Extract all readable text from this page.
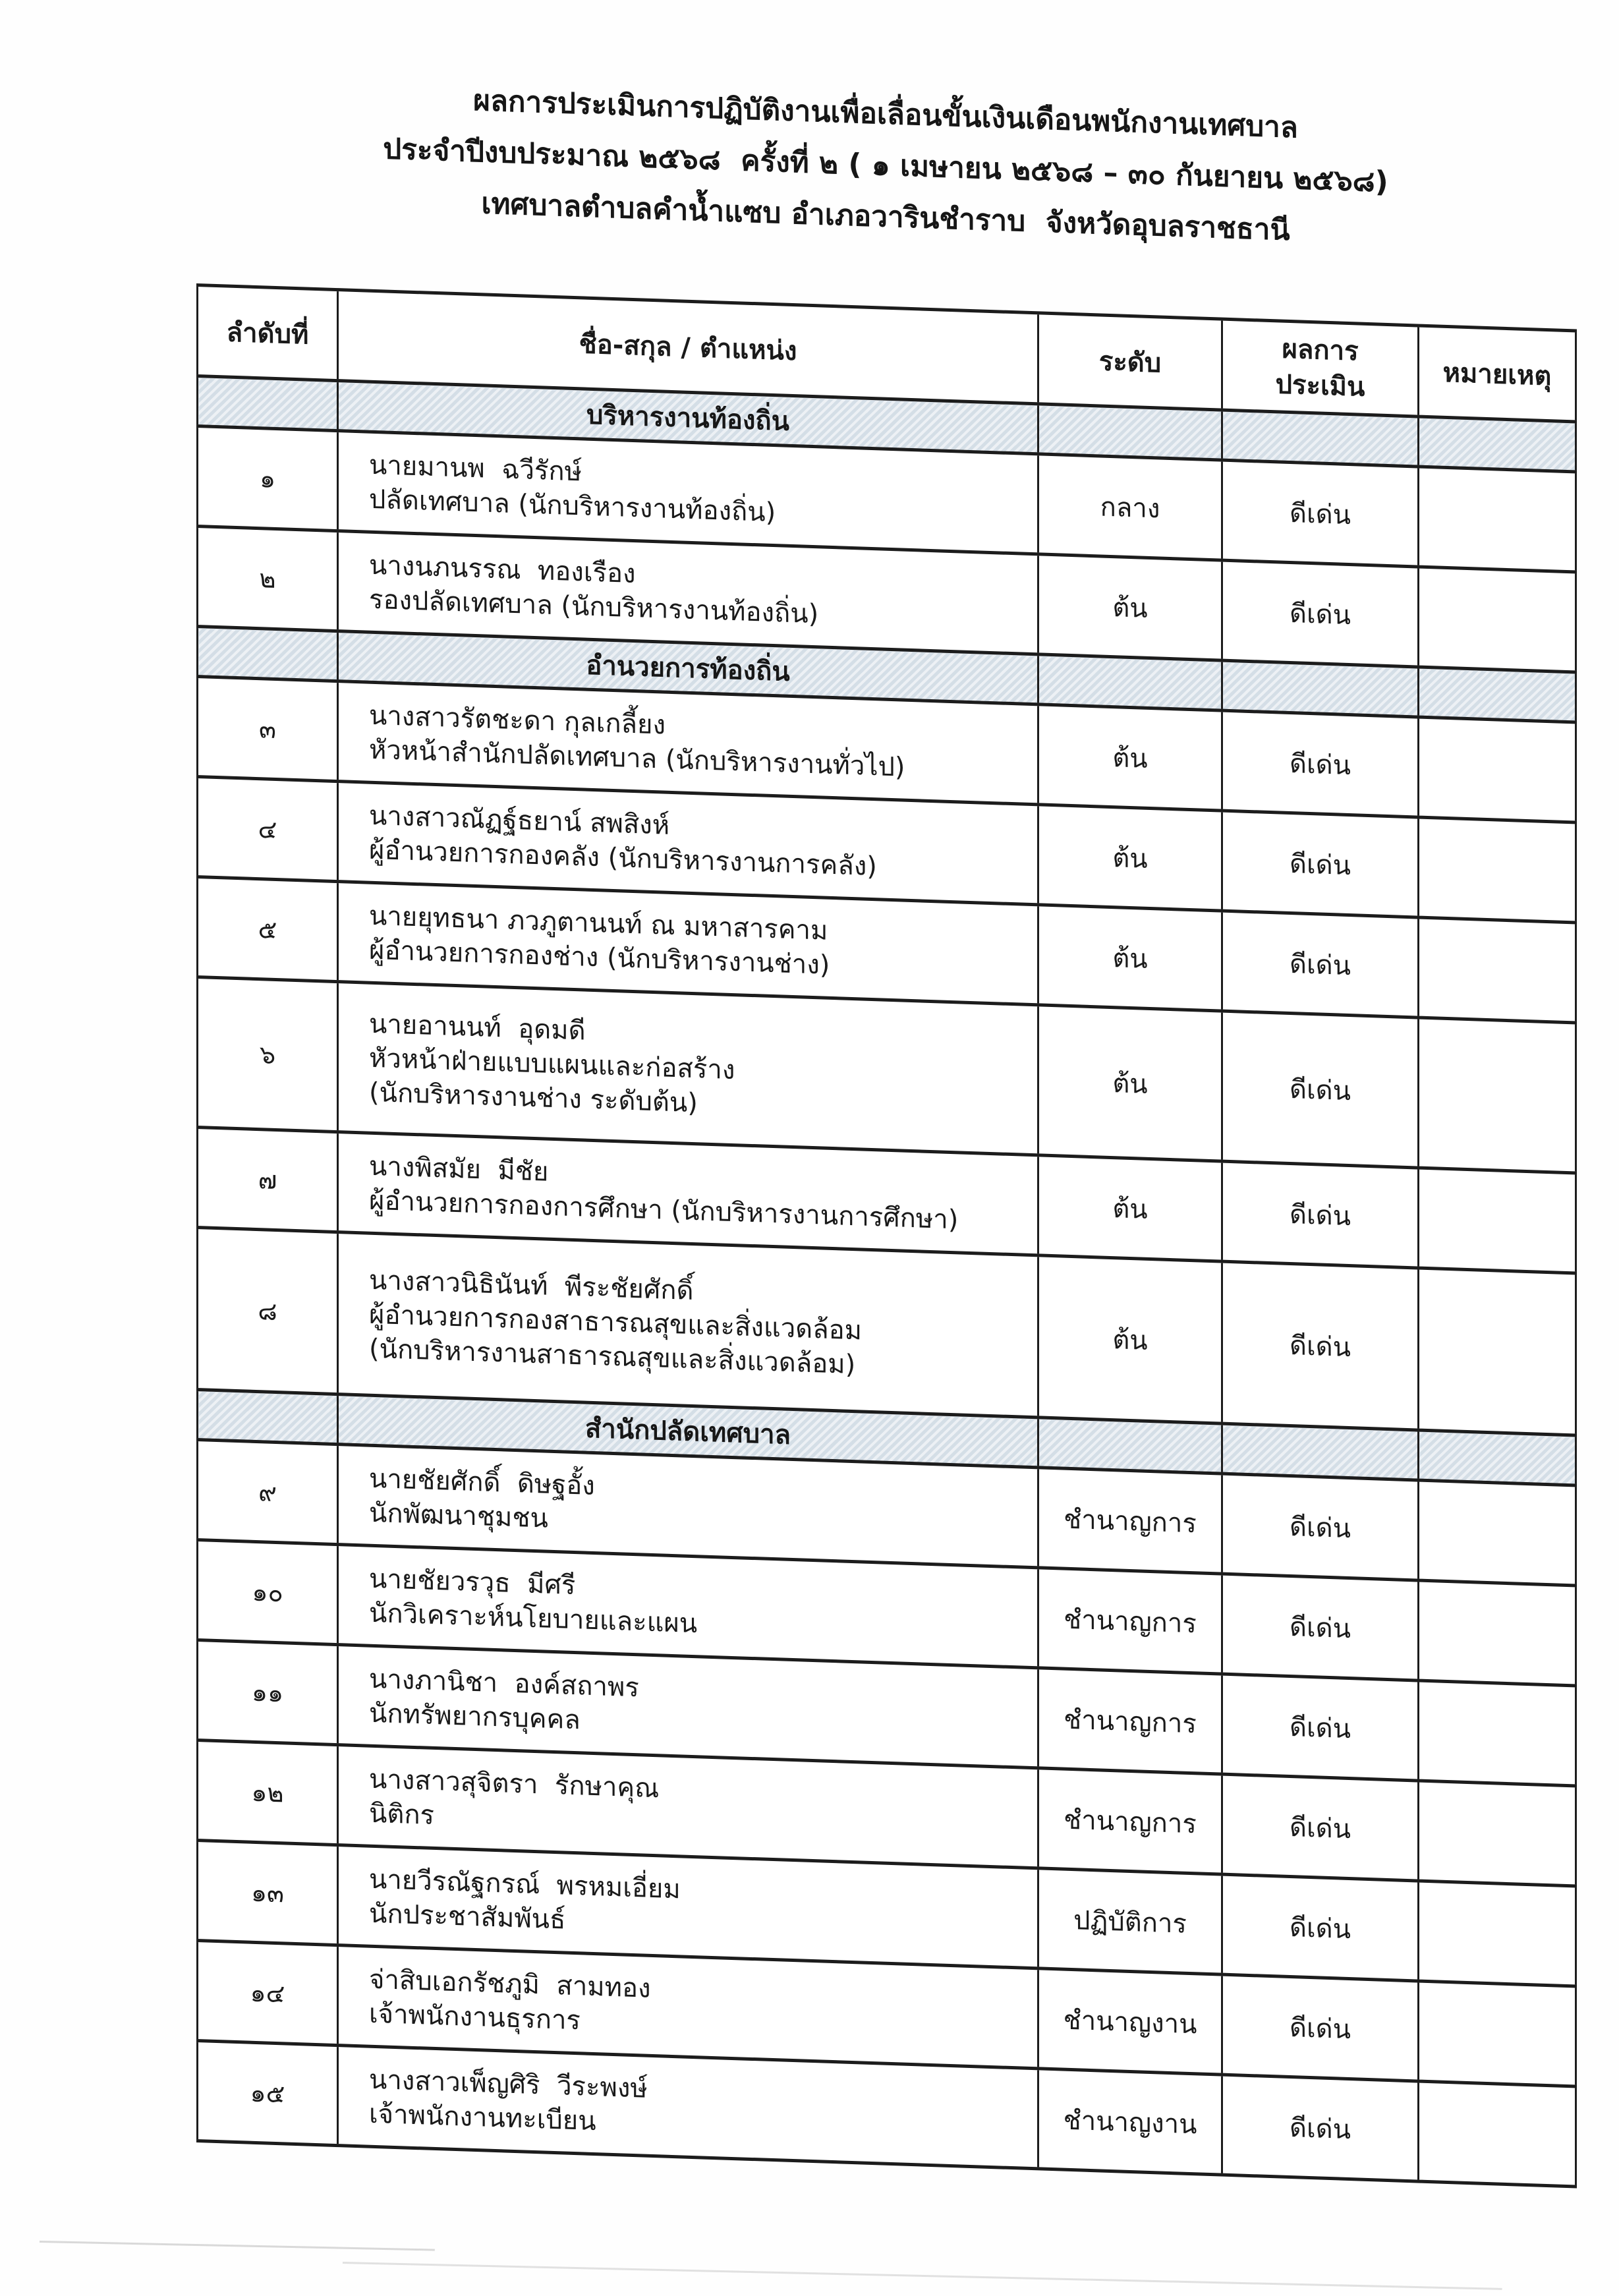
ผลการประเมินการปฏิบัติงานเพื่อเลื่อนขั้นเงินเดือนพนักงานเทศบาล
ประจำปีงบประมาณ ๒๕๖๘  ครั้งที่ ๒ ( ๑ เมษายน ๒๕๖๘ – ๓๐ กันยายน ๒๕๖๘)
เทศบาลตำบลคำน้ำแซบ อำเภอวารินชำราบ  จังหวัดอุบลราชธานี
ลำดับที่	ชื่อ-สกุล / ตำแหน่ง	ระดับ	ผลการ
ประเมิน	หมายเหตุ

	บริหารงานท้องถิ่น			

๑	นายมานพ  ฉวีรักษ์
ปลัดเทศบาล (นักบริหารงานท้องถิ่น)	กลาง	ดีเด่น	
๒	นางนภนรรณ  ทองเรือง
รองปลัดเทศบาล (นักบริหารงานท้องถิ่น)	ต้น	ดีเด่น	

	อำนวยการท้องถิ่น			

๓	นางสาวรัตชะดา กุลเกลี้ยง
หัวหน้าสำนักปลัดเทศบาล (นักบริหารงานทั่วไป)	ต้น	ดีเด่น	
๔	นางสาวณัฏฐ์ธยาน์ สพสิงห์
ผู้อำนวยการกองคลัง (นักบริหารงานการคลัง)	ต้น	ดีเด่น	
๕	นายยุทธนา ภวภูตานนท์ ณ มหาสารคาม
ผู้อำนวยการกองช่าง (นักบริหารงานช่าง)	ต้น	ดีเด่น	
๖	นายอานนท์  อุดมดี
หัวหน้าฝ่ายแบบแผนและก่อสร้าง
(นักบริหารงานช่าง ระดับต้น)	ต้น	ดีเด่น	
๗	นางพิสมัย  มีชัย
ผู้อำนวยการกองการศึกษา (นักบริหารงานการศึกษา)	ต้น	ดีเด่น	
๘	นางสาวนิธินันท์  พีระชัยศักดิ์
ผู้อำนวยการกองสาธารณสุขและสิ่งแวดล้อม
(นักบริหารงานสาธารณสุขและสิ่งแวดล้อม)	ต้น	ดีเด่น	

	สำนักปลัดเทศบาล			

๙	นายชัยศักดิ์  ดิษฐอั้ง
นักพัฒนาชุมชน	ชำนาญการ	ดีเด่น	
๑๐	นายชัยวรวุธ  มีศรี
นักวิเคราะห์นโยบายและแผน	ชำนาญการ	ดีเด่น	
๑๑	นางภานิชา  องค์สถาพร
นักทรัพยากรบุคคล	ชำนาญการ	ดีเด่น	
๑๒	นางสาวสุจิตรา  รักษาคุณ
นิติกร	ชำนาญการ	ดีเด่น	
๑๓	นายวีรณัฐกรณ์  พรหมเอี่ยม
นักประชาสัมพันธ์	ปฏิบัติการ	ดีเด่น	
๑๔	จ่าสิบเอกรัชภูมิ  สามทอง
เจ้าพนักงานธุรการ	ชำนาญงาน	ดีเด่น	
๑๕	นางสาวเพ็ญศิริ  วีระพงษ์
เจ้าพนักงานทะเบียน	ชำนาญงาน	ดีเด่น	
